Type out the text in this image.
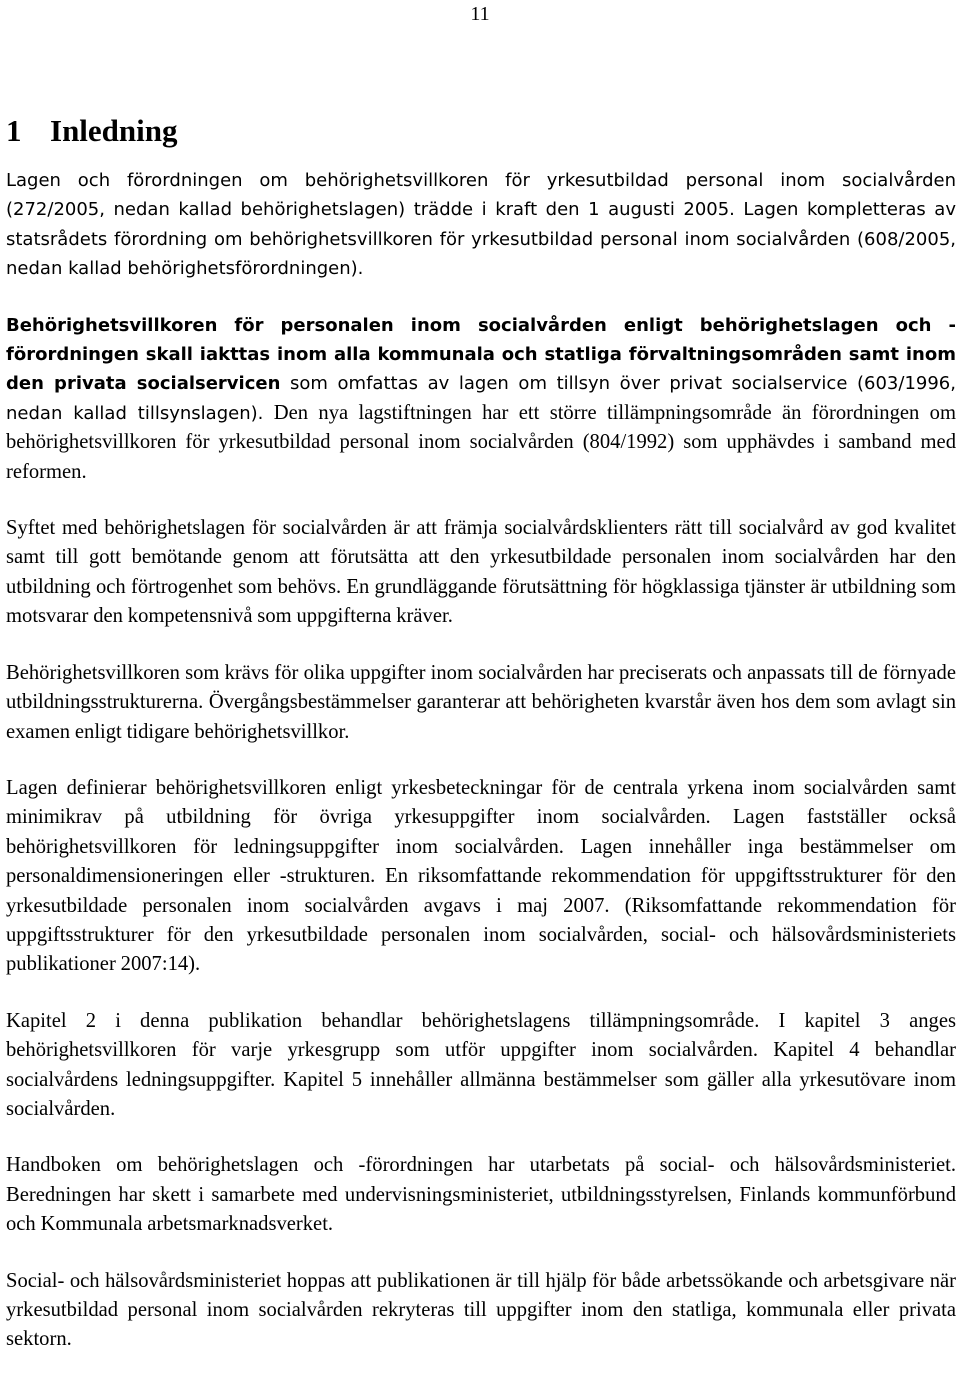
11
1 Inledning

Lagen och förordningen om behörighetsvillkoren för yrkesutbildad personal inom socialvården (272/2005, nedan kallad behörighetslagen) trädde i kraft den 1 augusti 2005. Lagen kompletteras av statsrådets förordning om behörighetsvillkoren för yrkesutbildad personal inom socialvården (608/2005, nedan kallad behörighetsförordningen).

Behörighetsvillkoren för personalen inom socialvården enligt behörighetslagen och -förordningen skall iakttas inom alla kommunala och statliga förvaltningsområden samt inom den privata socialservicen som omfattas av lagen om tillsyn över privat socialservice (603/1996, nedan kallad tillsynslagen). Den nya lagstiftningen har ett större tillämpningsområde än förordningen om behörighetsvillkoren för yrkesutbildad personal inom socialvården (804/1992) som upphävdes i samband med reformen.

Syftet med behörighetslagen för socialvården är att främja socialvårdsklienters rätt till socialvård av god kvalitet samt till gott bemötande genom att förutsätta att den yrkesutbildade personalen inom socialvården har den utbildning och förtrogenhet som behövs. En grundläggande förutsättning för högklassiga tjänster är utbildning som motsvarar den kompetensnivå som uppgifterna kräver.

Behörighetsvillkoren som krävs för olika uppgifter inom socialvården har preciserats och anpassats till de förnyade utbildningsstrukturerna. Övergångsbestämmelser garanterar att behörigheten kvarstår även hos dem som avlagt sin examen enligt tidigare behörighetsvillkor.

Lagen definierar behörighetsvillkoren enligt yrkesbeteckningar för de centrala yrkena inom socialvården samt minimikrav på utbildning för övriga yrkesuppgifter inom socialvården. Lagen fastställer också behörighetsvillkoren för ledningsuppgifter inom socialvården. Lagen innehåller inga bestämmelser om personaldimensioneringen eller -strukturen. En riksomfattande rekommendation för uppgiftsstrukturer för den yrkesutbildade personalen inom socialvården avgavs i maj 2007. (Riksomfattande rekommendation för uppgiftsstrukturer för den yrkesutbildade personalen inom socialvården, social- och hälsovårdsministeriets publikationer 2007:14).

Kapitel 2 i denna publikation behandlar behörighetslagens tillämpningsområde. I kapitel 3 anges behörighetsvillkoren för varje yrkesgrupp som utför uppgifter inom socialvården. Kapitel 4 behandlar socialvårdens ledningsuppgifter. Kapitel 5 innehåller allmänna bestämmelser som gäller alla yrkesutövare inom socialvården.

Handboken om behörighetslagen och -förordningen har utarbetats på social- och hälsovårdsministeriet. Beredningen har skett i samarbete med undervisningsministeriet, utbildningsstyrelsen, Finlands kommunförbund och Kommunala arbetsmarknadsverket.

Social- och hälsovårdsministeriet hoppas att publikationen är till hjälp för både arbetssökande och arbetsgivare när yrkesutbildad personal inom socialvården rekryteras till uppgifter inom den statliga, kommunala eller privata sektorn.
